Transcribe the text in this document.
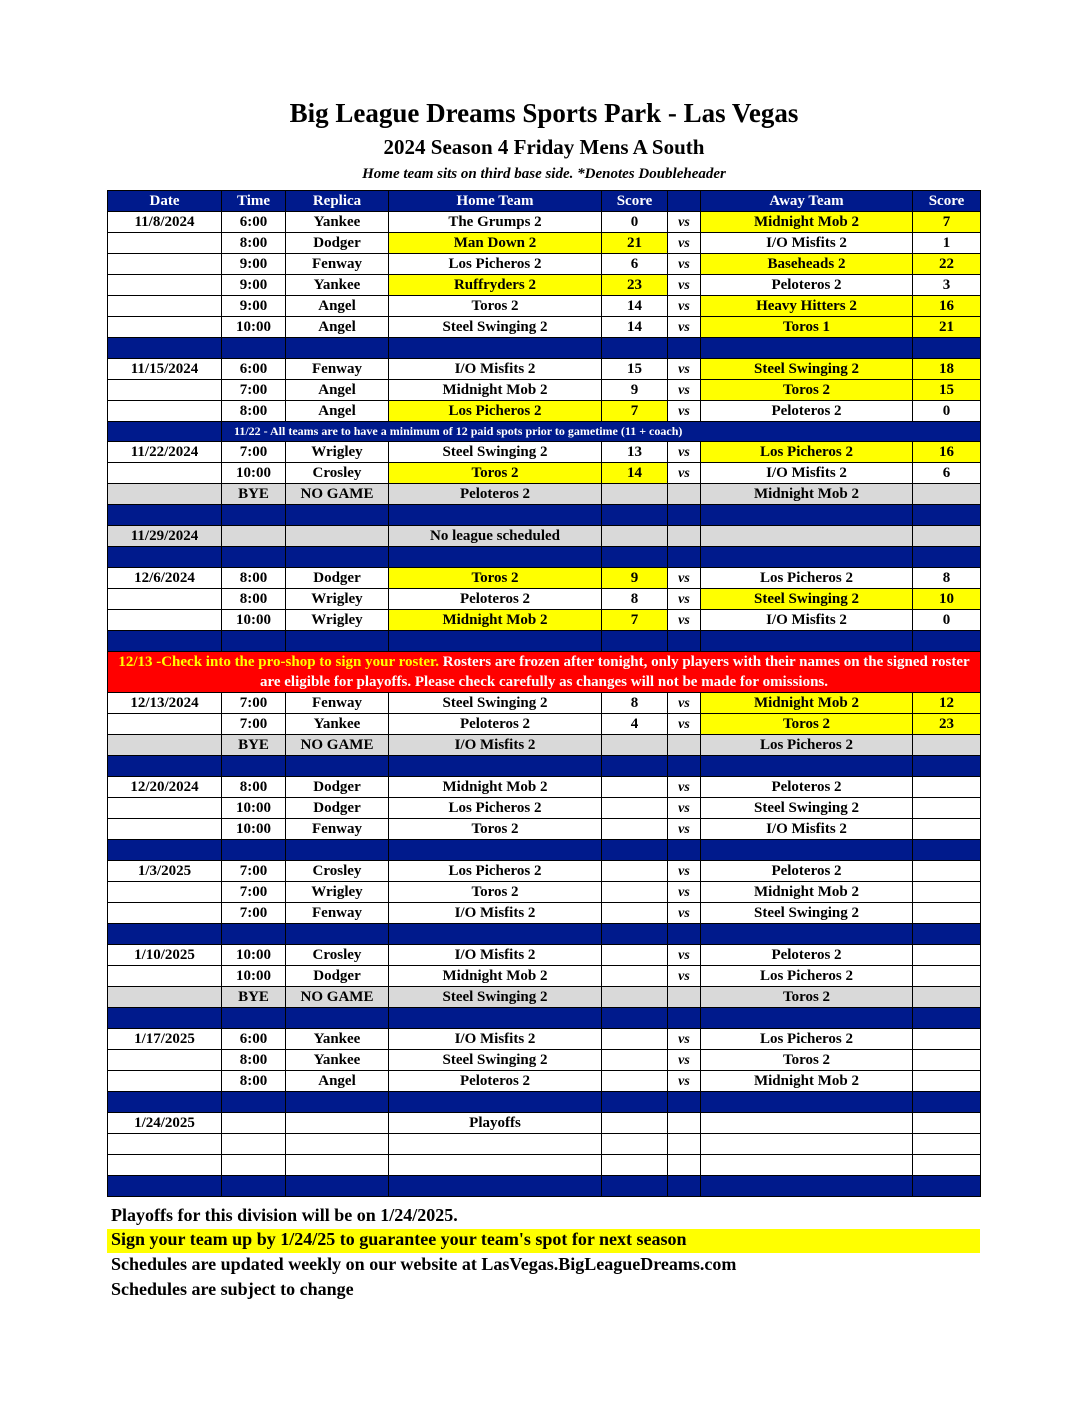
Big League Dreams Sports Park - Las Vegas
2024 Season 4 Friday Mens A South
Home team sits on third base side. *Denotes Doubleheader
Date	Time	Replica	Home Team	Score		Away Team	Score
11/8/2024	6:00	Yankee	The Grumps 2	0	vs	Midnight Mob 2	7
	8:00	Dodger	Man Down 2	21	vs	I/O Misfits 2	1
	9:00	Fenway	Los Picheros 2	6	vs	Baseheads 2	22
	9:00	Yankee	Ruffryders 2	23	vs	Peloteros 2	3
	9:00	Angel	Toros 2	14	vs	Heavy Hitters 2	16
	10:00	Angel	Steel Swinging 2	14	vs	Toros 1	21

11/15/2024	6:00	Fenway	I/O Misfits 2	15	vs	Steel Swinging 2	18
	7:00	Angel	Midnight Mob 2	9	vs	Toros 2	15
	8:00	Angel	Los Picheros 2	7	vs	Peloteros 2	0
	11/22 - All teams are to have a minimum of 12 paid spots prior to gametime (11 + coach)						
11/22/2024	7:00	Wrigley	Steel Swinging 2	13	vs	Los Picheros 2	16
	10:00	Crosley	Toros 2	14	vs	I/O Misfits 2	6
	BYE	NO GAME	Peloteros 2			Midnight Mob 2	

11/29/2024			No league scheduled				

12/6/2024	8:00	Dodger	Toros 2	9	vs	Los Picheros 2	8
	8:00	Wrigley	Peloteros 2	8	vs	Steel Swinging 2	10
	10:00	Wrigley	Midnight Mob 2	7	vs	I/O Misfits 2	0

12/13 -Check into the pro-shop to sign your roster. Rosters are frozen after tonight, only players with their names on the signed roster are eligible for playoffs. Please check carefully as changes will not be made for omissions.							
12/13/2024	7:00	Fenway	Steel Swinging 2	8	vs	Midnight Mob 2	12
	7:00	Yankee	Peloteros 2	4	vs	Toros 2	23
	BYE	NO GAME	I/O Misfits 2			Los Picheros 2	

12/20/2024	8:00	Dodger	Midnight Mob 2		vs	Peloteros 2	
	10:00	Dodger	Los Picheros 2		vs	Steel Swinging 2	
	10:00	Fenway	Toros 2		vs	I/O Misfits 2	

1/3/2025	7:00	Crosley	Los Picheros 2		vs	Peloteros 2	
	7:00	Wrigley	Toros 2		vs	Midnight Mob 2	
	7:00	Fenway	I/O Misfits 2		vs	Steel Swinging 2	

1/10/2025	10:00	Crosley	I/O Misfits 2		vs	Peloteros 2	
	10:00	Dodger	Midnight Mob 2		vs	Los Picheros 2	
	BYE	NO GAME	Steel Swinging 2			Toros 2	

1/17/2025	6:00	Yankee	I/O Misfits 2		vs	Los Picheros 2	
	8:00	Yankee	Steel Swinging 2		vs	Toros 2	
	8:00	Angel	Peloteros 2		vs	Midnight Mob 2	

1/24/2025			Playoffs				

Playoffs for this division will be on 1/24/2025.
Sign your team up by 1/24/25 to guarantee your team's spot for next season
Schedules are updated weekly on our website at LasVegas.BigLeagueDreams.com
Schedules are subject to change
